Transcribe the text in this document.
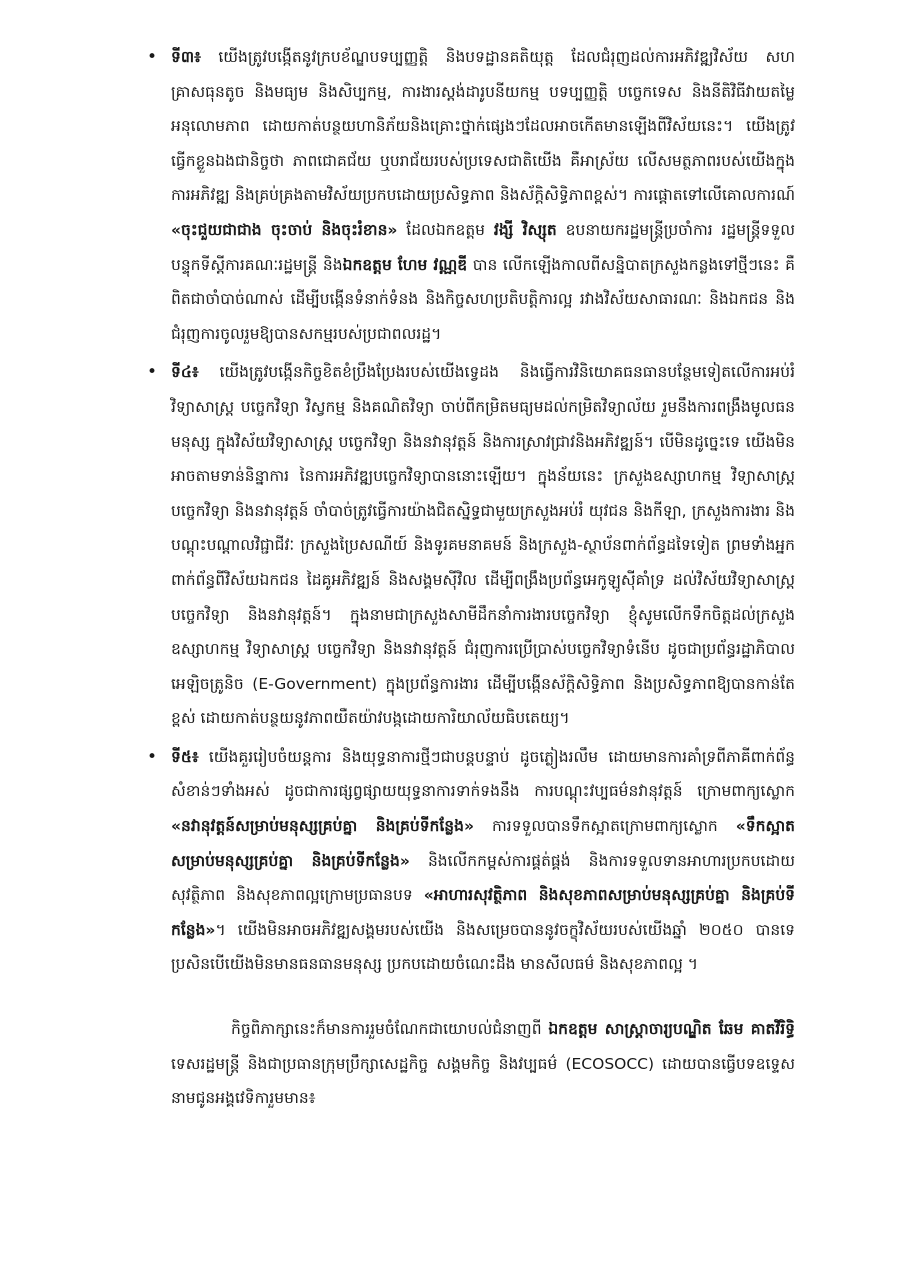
• ទី៣៖ យើងត្រូវបង្កើតនូវក្របខ័ណ្ឌបទប្បញ្ញត្តិ និងបទដ្ឋានគតិយុត្ត ដែលជំរុញដល់ការអភិវឌ្ឍវិស័យ សហគ្រាសធុនតូច និងមធ្យម និងសិប្បកម្ម, ការងារស្តង់ដារូបនីយកម្ម បទប្បញ្ញត្តិ បច្ចេកទេស និងនីតិវិធីវាយតម្លៃអនុលោមភាព ដោយកាត់បន្ថយហានិភ័យនិងគ្រោះថ្នាក់ផ្សេងៗដែលអាចកើតមានឡើងពីវិស័យនេះ។ យើងត្រូវធ្វើកខ្លួនឯងជានិច្ចថា ភាពជោគជ័យ ឬបរាជ័យរបស់ប្រទេសជាតិយើង គឺអាស្រ័យ លើសមត្ថភាពរបស់យើងក្នុងការអភិវឌ្ឍ និងគ្រប់គ្រងតាមវិស័យប្រកបដោយប្រសិទ្ធភាព និងស័ក្តិសិទ្ធិភាពខ្ពស់។ ការផ្តោតទៅលើគោលការណ៍ «ចុះជួយជាជាង ចុះចាប់ និងចុះរំខាន» ដែលឯកឧត្តម វង្សី វិស្សុត ឧបនាយករដ្ឋមន្ត្រីប្រចាំការ រដ្ឋមន្ត្រីទទួលបន្ទុកទីស្តីការគណៈរដ្ឋមន្ត្រី និងឯកឧត្តម ហែម វណ្ណឌី បាន លើកឡើងកាលពីសន្និបាតក្រសួងកន្លងទៅថ្មីៗនេះ គឺពិតជាចាំបាច់ណាស់ ដើម្បីបង្កើនទំនាក់ទំនង និងកិច្ចសហប្រតិបត្តិការល្អ រវាងវិស័យសាធារណៈ និងឯកជន និងជំរុញការចូលរួមឱ្យបានសកម្មរបស់ប្រជាពលរដ្ឋ។
• ទី៤៖ យើងត្រូវបង្កើនកិច្ចខិតខំប្រឹងប្រែងរបស់យើងទ្វេដង និងធ្វើការវិនិយោគធនធានបន្ថែមទៀតលើការអប់រំវិទ្យាសាស្ត្រ បច្ចេកវិទ្យា វិស្វកម្ម និងគណិតវិទ្យា ចាប់ពីកម្រិតមធ្យមដល់កម្រិតវិទ្យាល័យ រួមនឹងការពង្រឹងមូលធនមនុស្ស ក្នុងវិស័យវិទ្យាសាស្ត្រ បច្ចេកវិទ្យា និងនវានុវត្តន៍ និងការស្រាវជ្រាវនិងអភិវឌ្ឍន៍។ បើមិនដូច្នេះទេ យើងមិនអាចតាមទាន់និន្នាការ នៃការអភិវឌ្ឍបច្ចេកវិទ្យាបាននោះឡើយ។ ក្នុងន័យនេះ ក្រសួងឧស្សាហកម្ម វិទ្យាសាស្ត្រ បច្ចេកវិទ្យា និងនវានុវត្តន៍ ចាំបាច់ត្រូវធ្វើការយ៉ាងជិតស្និទ្ធជាមួយក្រសួងអប់រំ យុវជន និងកីឡា, ក្រសួងការងារ និងបណ្តុះបណ្តាលវិជ្ជាជីវៈ ក្រសួងប្រៃសណីយ៍ និងទូរគមនាគមន៍ និងក្រសួង-ស្ថាប័នពាក់ព័ន្ធដទៃទៀត ព្រមទាំងអ្នកពាក់ព័ន្ធពីវិស័យឯកជន ដៃគូអភិវឌ្ឍន៍ និងសង្គមស៊ីវិល ដើម្បីពង្រឹងប្រព័ន្ធអេកូឡូស៊ីគាំទ្រ ដល់វិស័យវិទ្យាសាស្ត្រ បច្ចេកវិទ្យា និងនវានុវត្តន៍។ ក្នុងនាមជាក្រសួងសាមីដឹកនាំការងារបច្ចេកវិទ្យា ខ្ញុំសូមលើកទឹកចិត្តដល់ក្រសួងឧស្សាហកម្ម វិទ្យាសាស្ត្រ បច្ចេកវិទ្យា និងនវានុវត្តន៍ ជំរុញការប្រើប្រាស់បច្ចេកវិទ្យាទំនើប ដូចជាប្រព័ន្ធរដ្ឋាភិបាលអេឡិចត្រូនិច (E-Government) ក្នុងប្រព័ន្ធការងារ ដើម្បីបង្កើនស័ក្តិសិទ្ធិភាព និងប្រសិទ្ធភាពឱ្យបានកាន់តែខ្ពស់ ដោយកាត់បន្ថយនូវភាពយឺតយ៉ាវបង្កដោយការិយាល័យធិបតេយ្យ។
• ទី៥៖ យើងគួររៀបចំយន្តការ និងយុទ្ធនាការថ្មីៗជាបន្តបន្ទាប់ ដូចភ្លៀងរលឹម ដោយមានការគាំទ្រពីភាគីពាក់ព័ន្ធសំខាន់ៗទាំងអស់ ដូចជាការផ្សព្វផ្សាយយុទ្ធនាការទាក់ទងនឹង ការបណ្តុះវប្បធម៌នវានុវត្តន៍ ក្រោមពាក្យស្លោក «នវានុវត្តន៍សម្រាប់មនុស្សគ្រប់គ្នា និងគ្រប់ទីកន្លែង» ការទទួលបានទឹកស្អាតក្រោមពាក្យស្លោក «ទឹកស្អាតសម្រាប់មនុស្សគ្រប់គ្នា និងគ្រប់ទីកន្លែង» និងលើកកម្ពស់ការផ្គត់ផ្គង់ និងការទទួលទានអាហារប្រកបដោយសុវត្ថិភាព និងសុខភាពល្អក្រោមប្រធានបទ «អាហារសុវត្ថិភាព និងសុខភាពសម្រាប់មនុស្សគ្រប់គ្នា និងគ្រប់ទីកន្លែង»។ យើងមិនអាចអភិវឌ្ឍសង្គមរបស់យើង និងសម្រេចបាននូវចក្ខុវិស័យរបស់យើងឆ្នាំ ២០៥០ បានទេ ប្រសិនបើយើងមិនមានធនធានមនុស្ស ប្រកបដោយចំណេះដឹង មានសីលធម៌ និងសុខភាពល្អ ។

កិច្ចពិភាក្សានេះក៏មានការរួមចំណែកជាយោបល់ជំនាញពី ឯកឧត្តម សាស្ត្រាចារ្យបណ្ឌិត ឆែម គាតវិរិទ្ធិ ទេសរដ្ឋមន្ត្រី និងជាប្រធានក្រុមប្រឹក្សាសេដ្ឋកិច្ច សង្គមកិច្ច និងវប្បធម៌ (ECOSOCC) ដោយបានធ្វើបទឧទ្ទេសនាមជូនអង្គវេទិការួមមាន៖
